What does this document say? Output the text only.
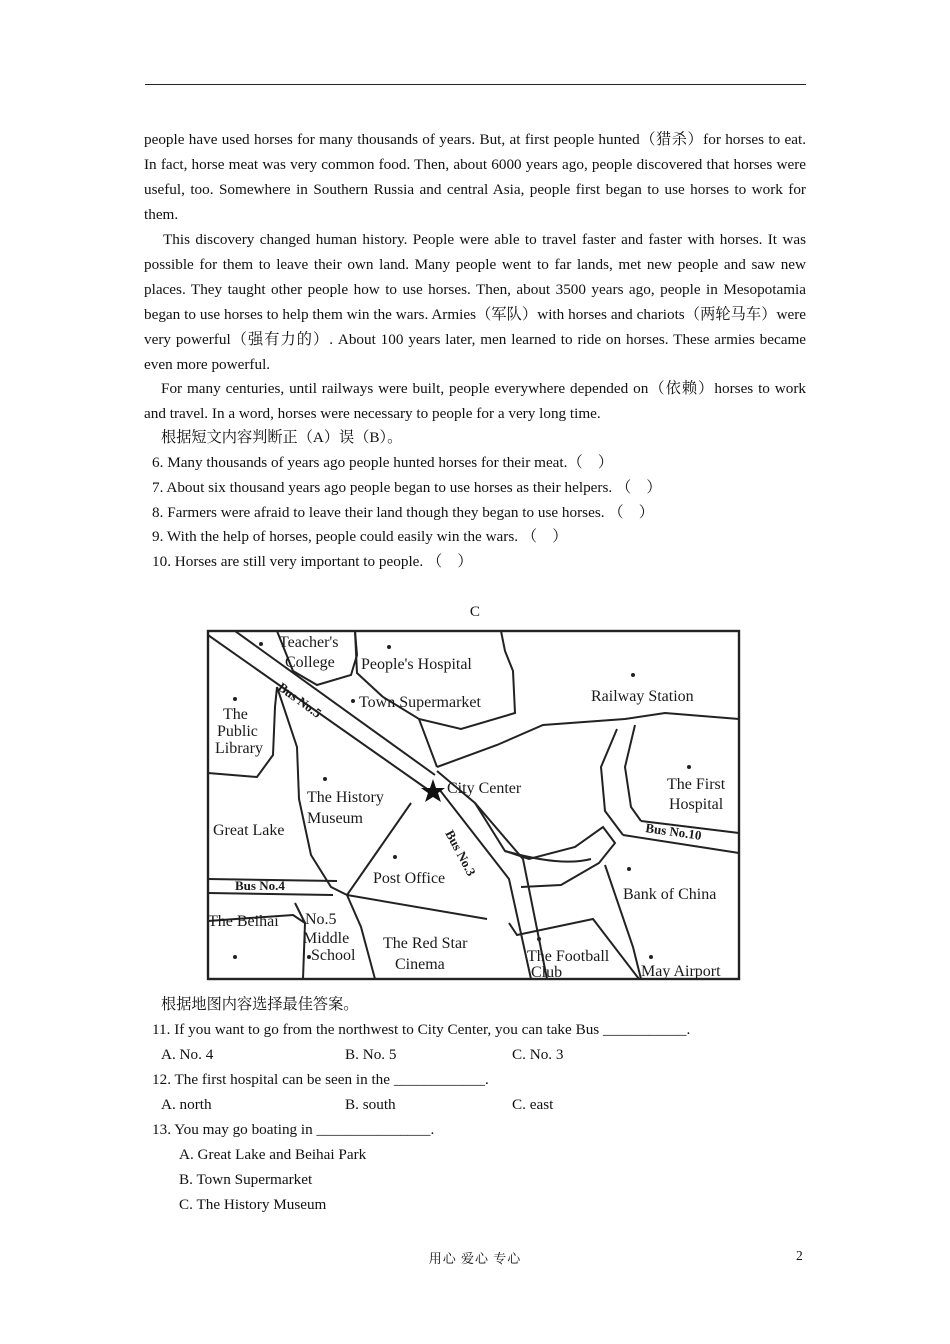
people have used horses for many thousands of years. But, at first people hunted（猎杀）for horses to eat. In fact, horse meat was very common food. Then, about 6000 years ago, people discovered that horses were useful, too. Somewhere in Southern Russia and central Asia, people first began to use horses to work for them.

This discovery changed human history. People were able to travel faster and faster with horses. It was possible for them to leave their own land. Many people went to far lands, met new people and saw new places. They taught other people how to use horses. Then, about 3500 years ago, people in Mesopotamia began to use horses to help them win the wars. Armies（军队）with horses and chariots（两轮马车）were very powerful（强有力的）. About 100 years later, men learned to ride on horses. These armies became even more powerful.

For many centuries, until railways were built, people everywhere depended on（依赖）horses to work and travel. In a word, horses were necessary to people for a very long time.

根据短文内容判断正（A）误（B）。

6. Many thousands of years ago people hunted horses for their meat.（　）

7. About six thousand years ago people began to use horses as their helpers. （　）

8. Farmers were afraid to leave their land though they began to use horses. （　）

9. With the help of horses, people could easily win the wars. （　）

10. Horses are still very important to people. （　）

C
Teacher's
College People's Hospital
Railway Station
The
Public
Library
Town Supermarket
The History
Museum
City Center	The First
Hospital
Great Lake
Post Office
Bank of China
The Beihai No.5
Middle
School
The Red Star
Cinema	The Football
Club	May Airport
Bus No.5
Bus No.3	Bus No.10
Bus No.4

根据地图内容选择最佳答案。

11. If you want to go from the northwest to City Center, you can take Bus ___________.

A. No. 4	B. No. 5	C. No. 3

12. The first hospital can be seen in the ____________.

A. north	B. south	C. east

13. You may go boating in _______________.

A. Great Lake and Beihai Park

B. Town Supermarket

C. The History Museum

用心 爱心 专心	2
